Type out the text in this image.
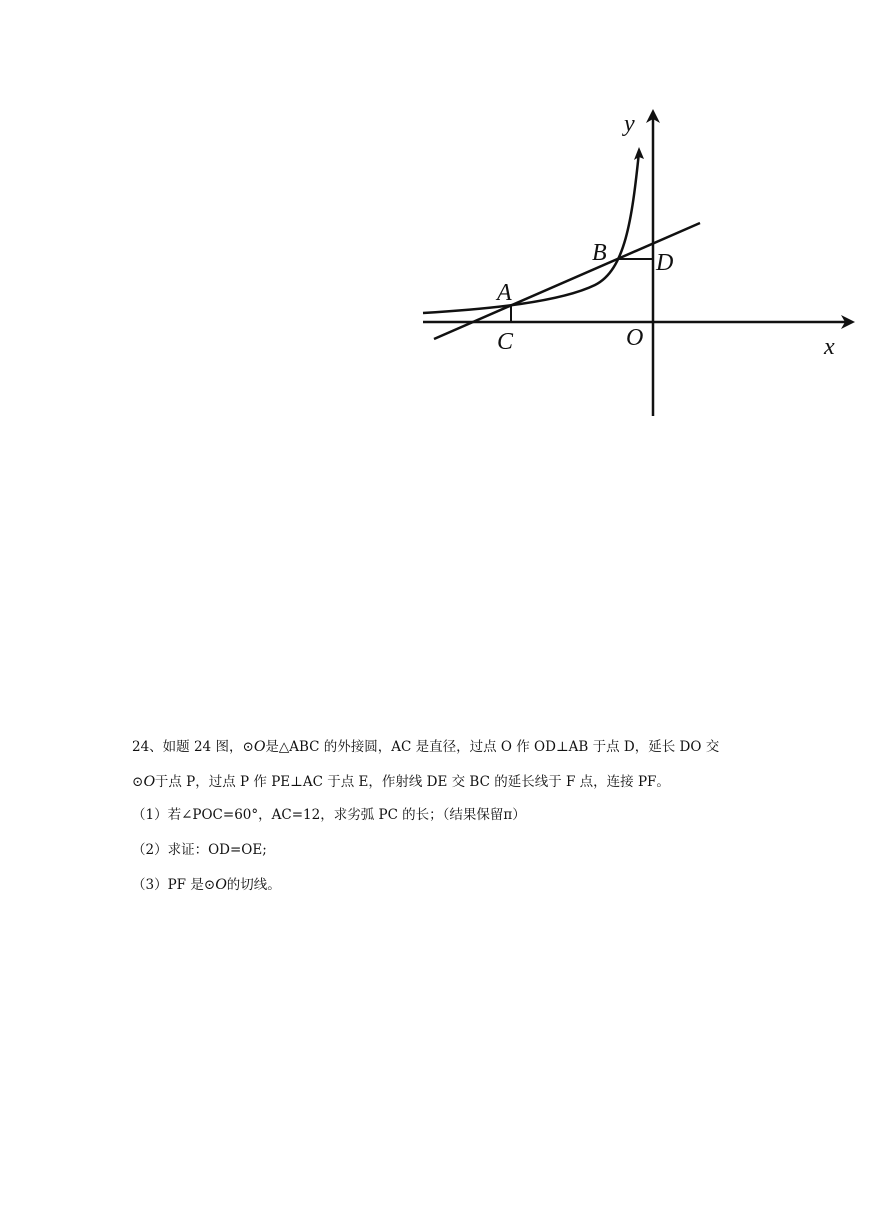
y
x
O
A
B
C
D
24、如题 24 图，⊙O是△ABC 的外接圆，AC 是直径，过点 O 作 OD⊥AB 于点 D，延长 DO 交
⊙O于点 P，过点 P 作 PE⊥AC 于点 E，作射线 DE 交 BC 的延长线于 F 点，连接 PF。
（1）若∠POC=60°，AC=12，求劣弧 PC 的长；（结果保留π）
（2）求证：OD=OE;
（3）PF 是⊙O的切线。
